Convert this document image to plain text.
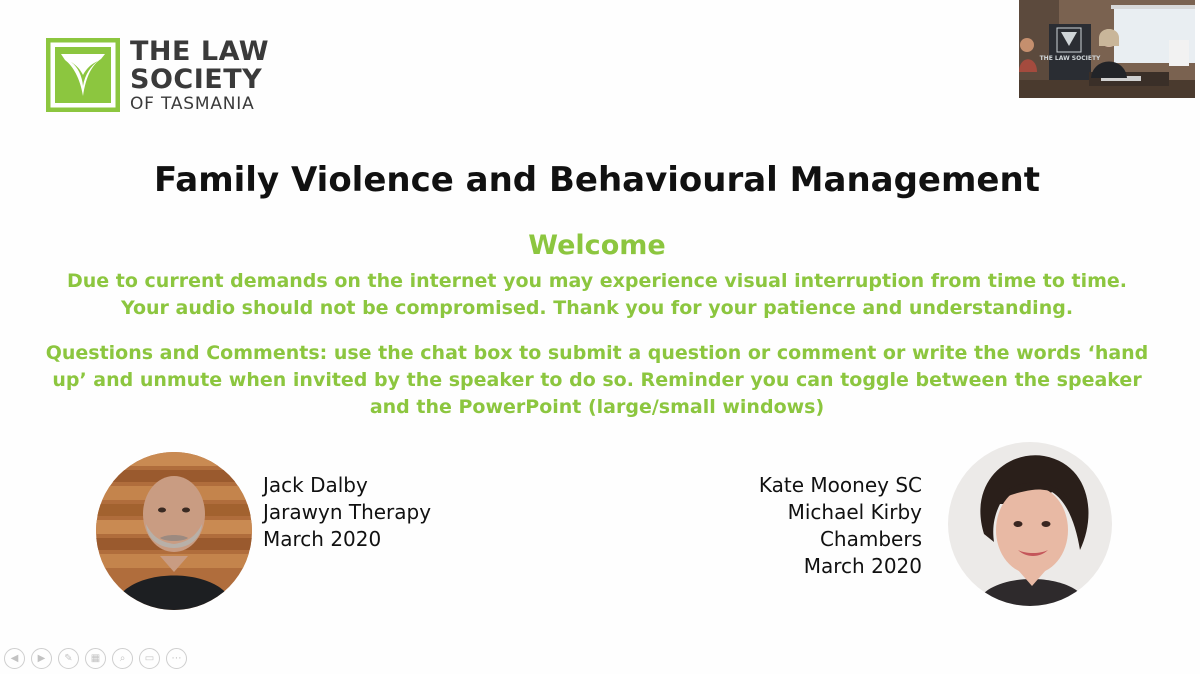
THE LAW
SOCIETY
OF TASMANIA
THE LAW SOCIETY
Family Violence and Behavioural Management
Welcome

Due to current demands on the internet you may experience visual interruption from time to time.

Your audio should not be compromised. Thank you for your patience and understanding.

Questions and Comments: use the chat box to submit a question or comment or write the words ‘hand

up’ and unmute when invited by the speaker to do so. Reminder you can toggle between the speaker

and the PowerPoint (large/small windows)

Jack Dalby
Jarawyn Therapy
March 2020
Kate Mooney SC
Michael Kirby
Chambers
March 2020
◀	▶	✎	▦	⌕	▭	⋯
